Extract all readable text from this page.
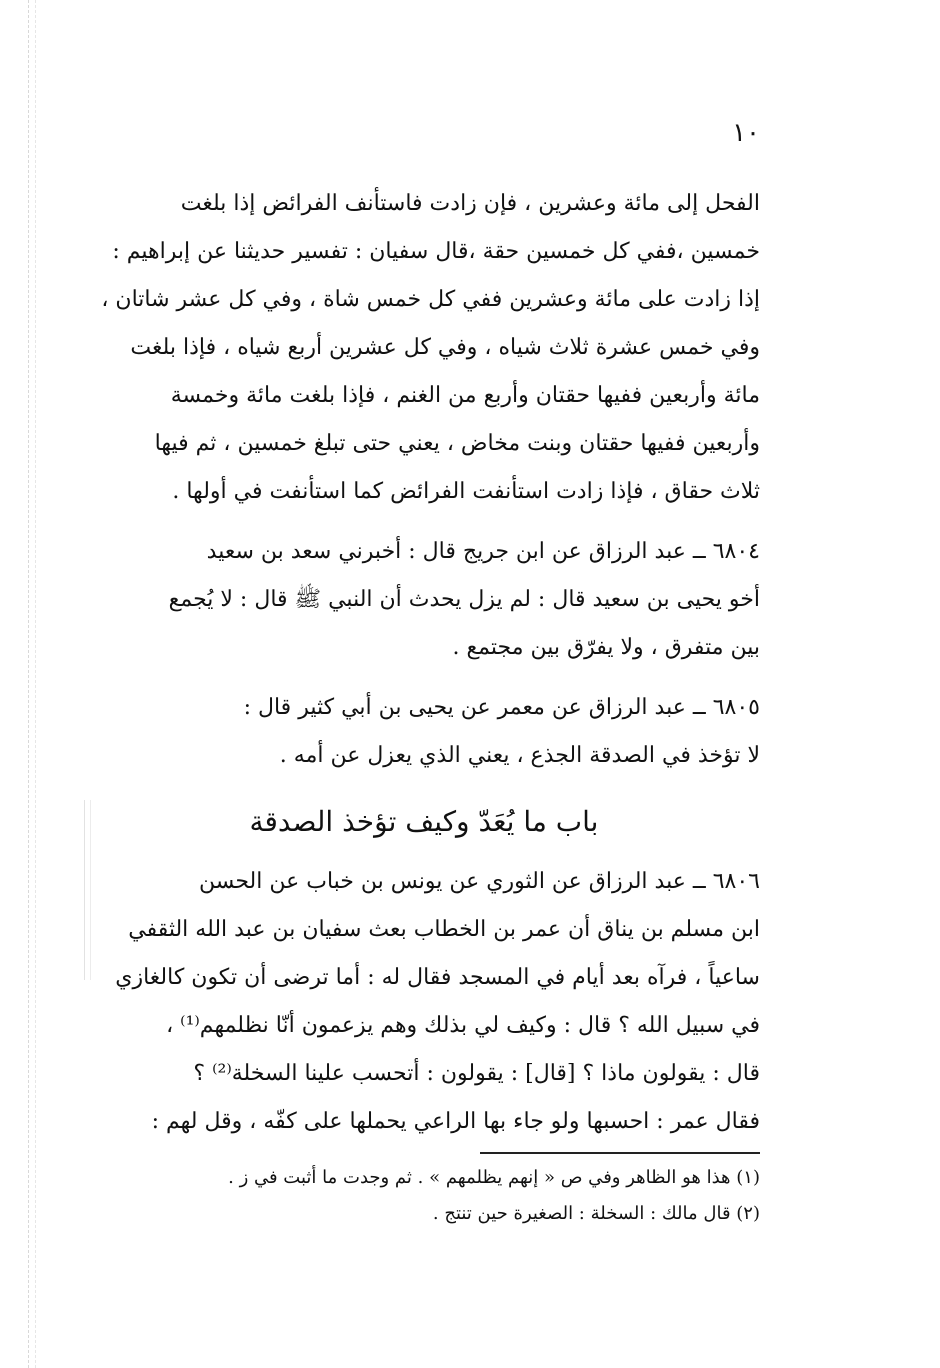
١٠

الفحل إلى مائة وعشرين ، فإن زادت فاستأنف الفرائض إذا بلغت
خمسين ،ففي كل خمسين حقة ،قال سفيان : تفسير حديثنا عن إبراهيم :
إذا زادت على مائة وعشرين ففي كل خمس شاة ، وفي كل عشر شاتان ،
وفي خمس عشرة ثلاث شياه ، وفي كل عشرين أربع شياه ، فإذا بلغت
مائة وأربعين ففيها حقتان وأربع من الغنم ، فإذا بلغت مائة وخمسة
وأربعين ففيها حقتان وبنت مخاض ، يعني حتى تبلغ خمسين ، ثم فيها
ثلاث حقاق ، فإذا زادت استأنفت الفرائض كما استأنفت في أولها .

٦٨٠٤ ــ عبد الرزاق عن ابن جريج قال : أخبرني سعد بن سعيد
أخو يحيى بن سعيد قال : لم يزل يحدث أن النبي ﷺ قال : لا يُجمع
بين متفرق ، ولا يفرّق بين مجتمع .

٦٨٠٥ ــ عبد الرزاق عن معمر عن يحيى بن أبي كثير قال :
لا تؤخذ في الصدقة الجذع ، يعني الذي يعزل عن أمه .

باب ما يُعَدّ وكيف تؤخذ الصدقة

٦٨٠٦ ــ عبد الرزاق عن الثوري عن يونس بن خباب عن الحسن
ابن مسلم بن يناق أن عمر بن الخطاب بعث سفيان بن عبد الله الثقفي
ساعياً ، فرآه بعد أيام في المسجد فقال له : أما ترضى أن تكون كالغازي
في سبيل الله ؟ قال : وكيف لي بذلك وهم يزعمون أنّا نظلمهم⁽¹⁾ ،
قال : يقولون ماذا ؟ [قال] : يقولون : أتحسب علينا السخلة⁽²⁾ ؟
فقال عمر : احسبها ولو جاء بها الراعي يحملها على كفّه ، وقل لهم :

(١) هذا هو الظاهر وفي ص « إنهم يظلمهم » . ثم وجدت ما أثبت في ز .

(٢) قال مالك : السخلة : الصغيرة حين تنتج .
